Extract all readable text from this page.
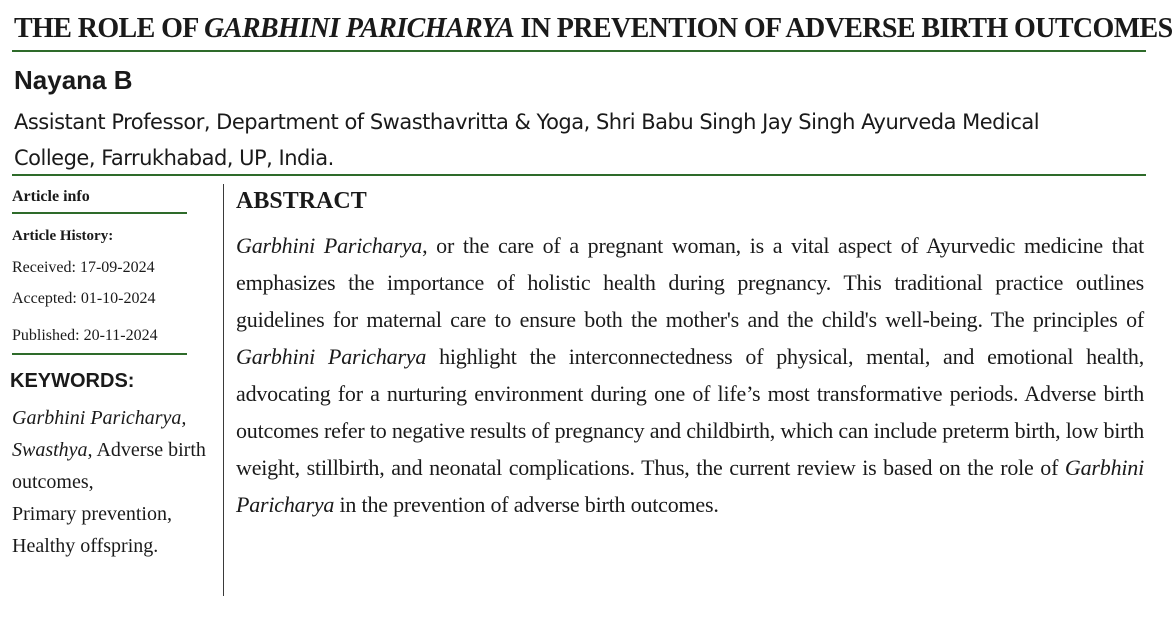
THE ROLE OF GARBHINI PARICHARYA IN PREVENTION OF ADVERSE BIRTH OUTCOMES
Nayana B
Assistant Professor, Department of Swasthavritta & Yoga, Shri Babu Singh Jay Singh Ayurveda Medical College, Farrukhabad, UP, India.
Article info
Article History:
Received: 17-09-2024
Accepted: 01-10-2024
Published: 20-11-2024
KEYWORDS:
Garbhini Paricharya,
Swasthya, Adverse birth outcomes,
Primary prevention,
Healthy offspring.
ABSTRACT
Garbhini Paricharya, or the care of a pregnant woman, is a vital aspect of Ayurvedic medicine that emphasizes the importance of holistic health during pregnancy. This traditional practice outlines guidelines for maternal care to ensure both the mother's and the child's well-being. The principles of Garbhini Paricharya highlight the interconnectedness of physical, mental, and emotional health, advocating for a nurturing environment during one of life’s most transformative periods. Adverse birth outcomes refer to negative results of pregnancy and childbirth, which can include preterm birth, low birth weight, stillbirth, and neonatal complications. Thus, the current review is based on the role of Garbhini Paricharya in the prevention of adverse birth outcomes.
